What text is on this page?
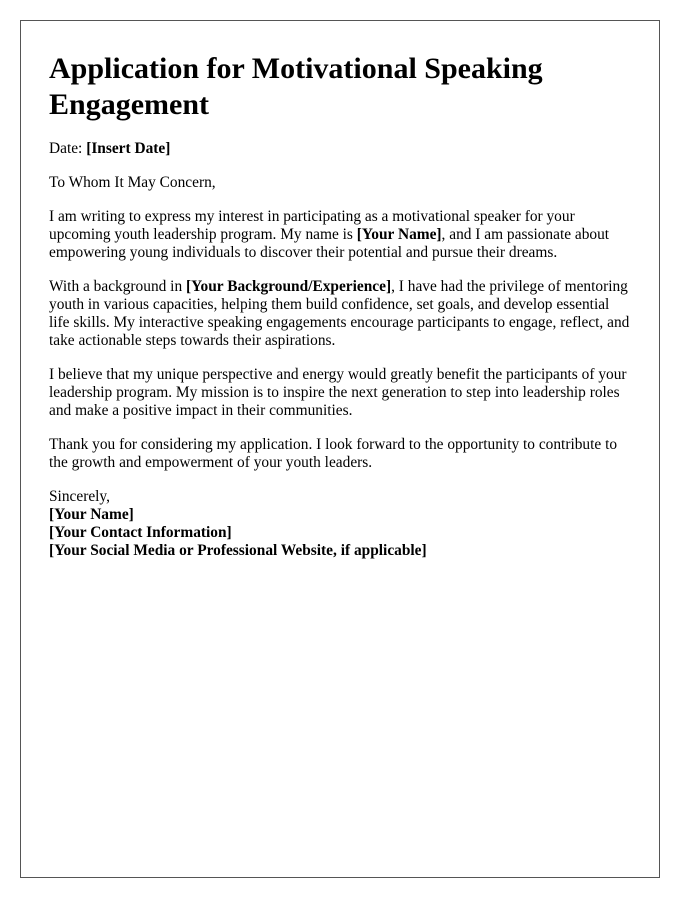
Application for Motivational Speaking Engagement
Date: [Insert Date]
To Whom It May Concern,
I am writing to express my interest in participating as a motivational speaker for your upcoming youth leadership program. My name is [Your Name], and I am passionate about empowering young individuals to discover their potential and pursue their dreams.
With a background in [Your Background/Experience], I have had the privilege of mentoring youth in various capacities, helping them build confidence, set goals, and develop essential life skills. My interactive speaking engagements encourage participants to engage, reflect, and take actionable steps towards their aspirations.
I believe that my unique perspective and energy would greatly benefit the participants of your leadership program. My mission is to inspire the next generation to step into leadership roles and make a positive impact in their communities.
Thank you for considering my application. I look forward to the opportunity to contribute to the growth and empowerment of your youth leaders.
Sincerely,
[Your Name]
[Your Contact Information]
[Your Social Media or Professional Website, if applicable]
